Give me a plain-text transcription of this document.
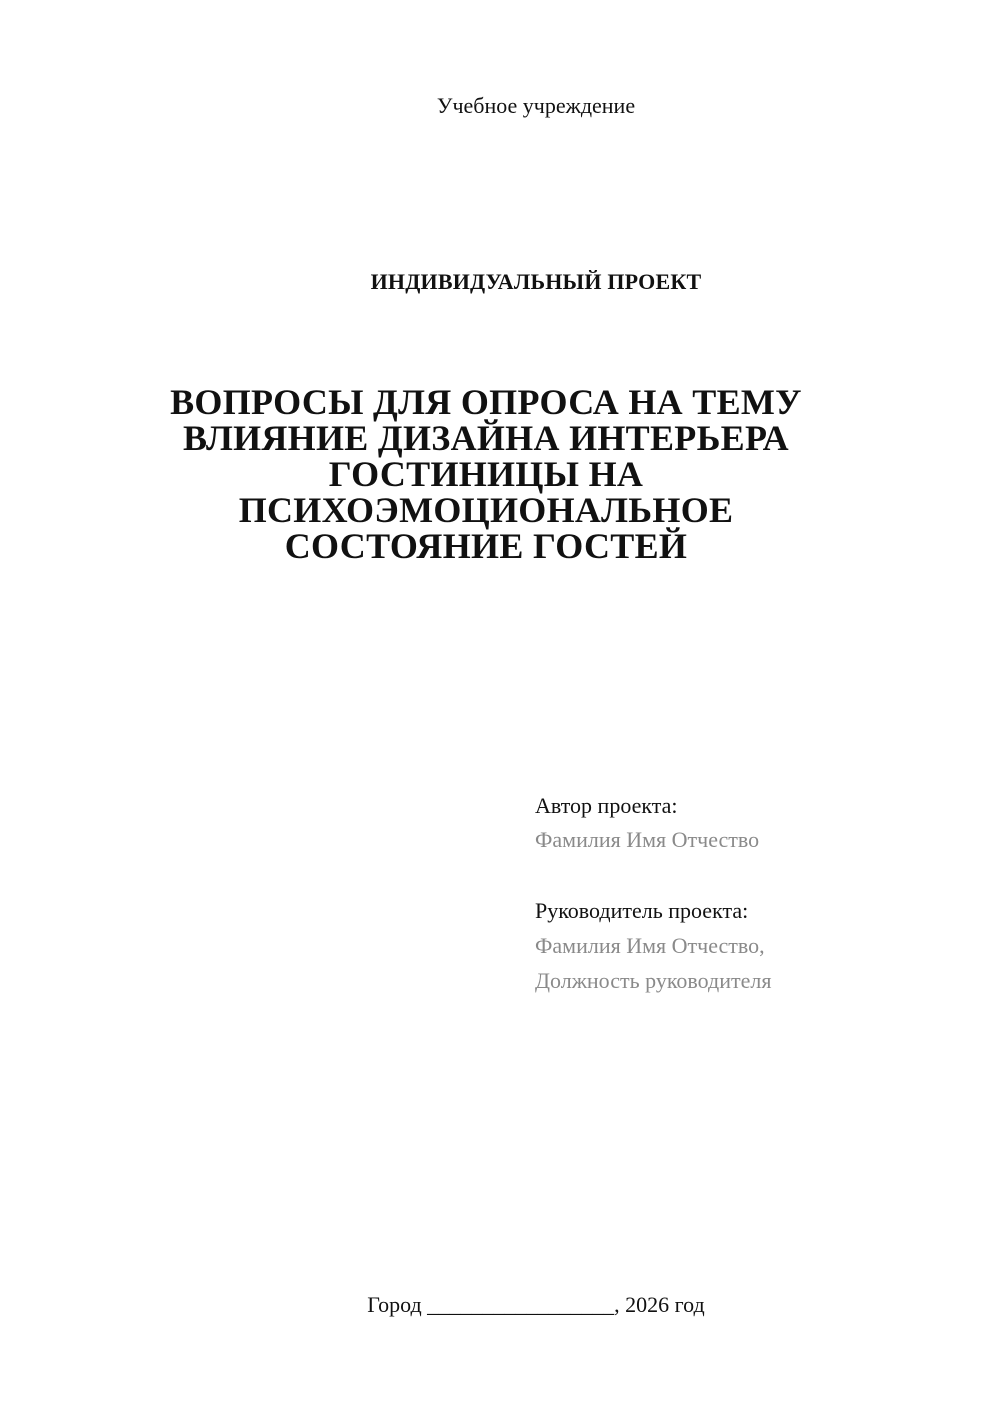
Учебное учреждение
ИНДИВИДУАЛЬНЫЙ ПРОЕКТ
ВОПРОСЫ ДЛЯ ОПРОСА НА ТЕМУ
ВЛИЯНИЕ ДИЗАЙНА ИНТЕРЬЕРА
ГОСТИНИЦЫ НА
ПСИХОЭМОЦИОНАЛЬНОЕ
СОСТОЯНИЕ ГОСТЕЙ
Автор проекта:
Фамилия Имя Отчество
Руководитель проекта:
Фамилия Имя Отчество,
Должность руководителя
Город _________________, 2026 год
